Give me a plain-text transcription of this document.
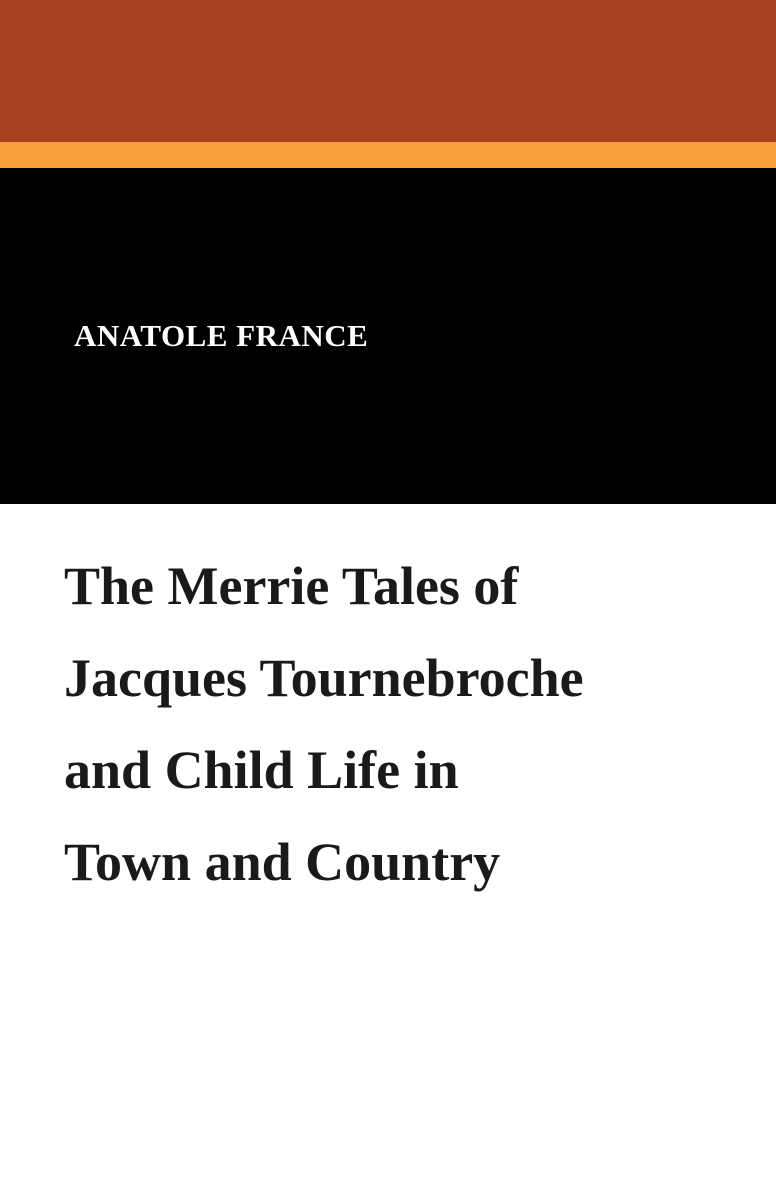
ANATOLE FRANCE
The Merrie Tales of
Jacques Tournebroche
and Child Life in
Town and Country
